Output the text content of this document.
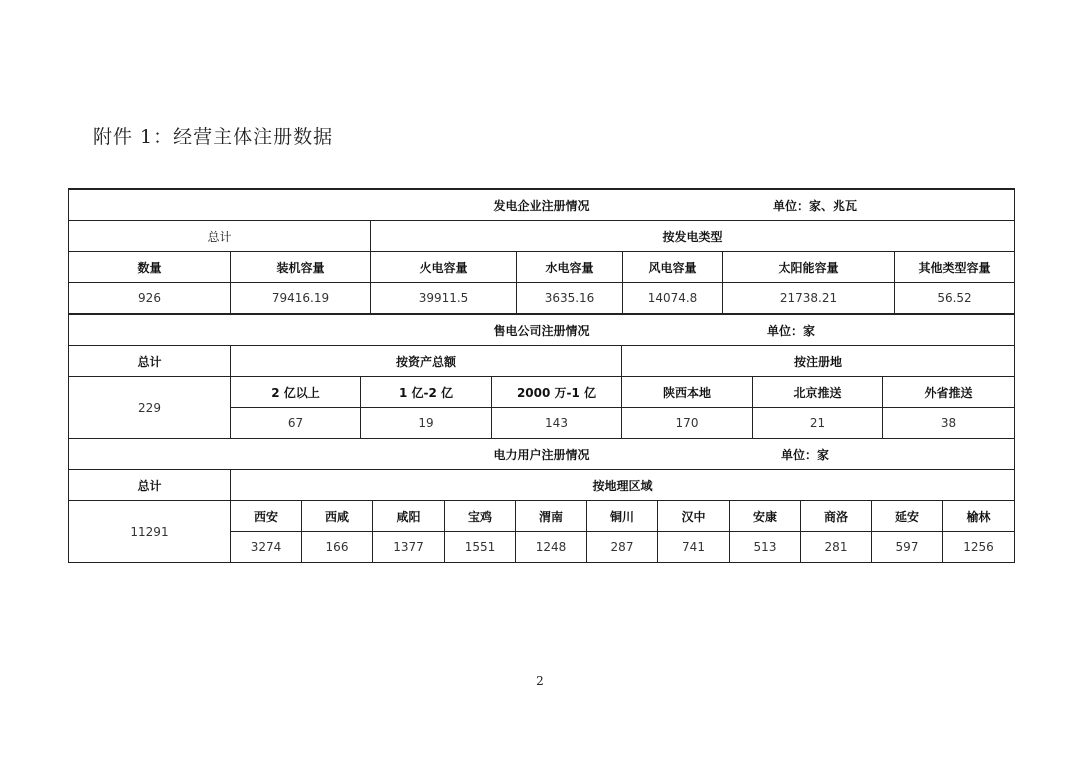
附件 1：经营主体注册数据
发电企业注册情况 单位：家、兆瓦						

总计		按发电类型				
数量	装机容量	火电容量	水电容量	风电容量	太阳能容量	其他类型容量
926	79416.19	39911.5	3635.16	14074.8	21738.21	56.52
售电公司注册情况 单位：家						

总计	按资产总额			按注册地		
229	2 亿以上	1 亿-2 亿	2000 万-1 亿	陕西本地	北京推送	外省推送
	67	19	143	170	21	38
电力用户注册情况 单位：家											

总计	按地理区域										
11291	西安	西咸	咸阳	宝鸡	渭南	铜川	汉中	安康	商洛	延安	榆林
	3274	166	1377	1551	1248	287	741	513	281	597	1256
2
